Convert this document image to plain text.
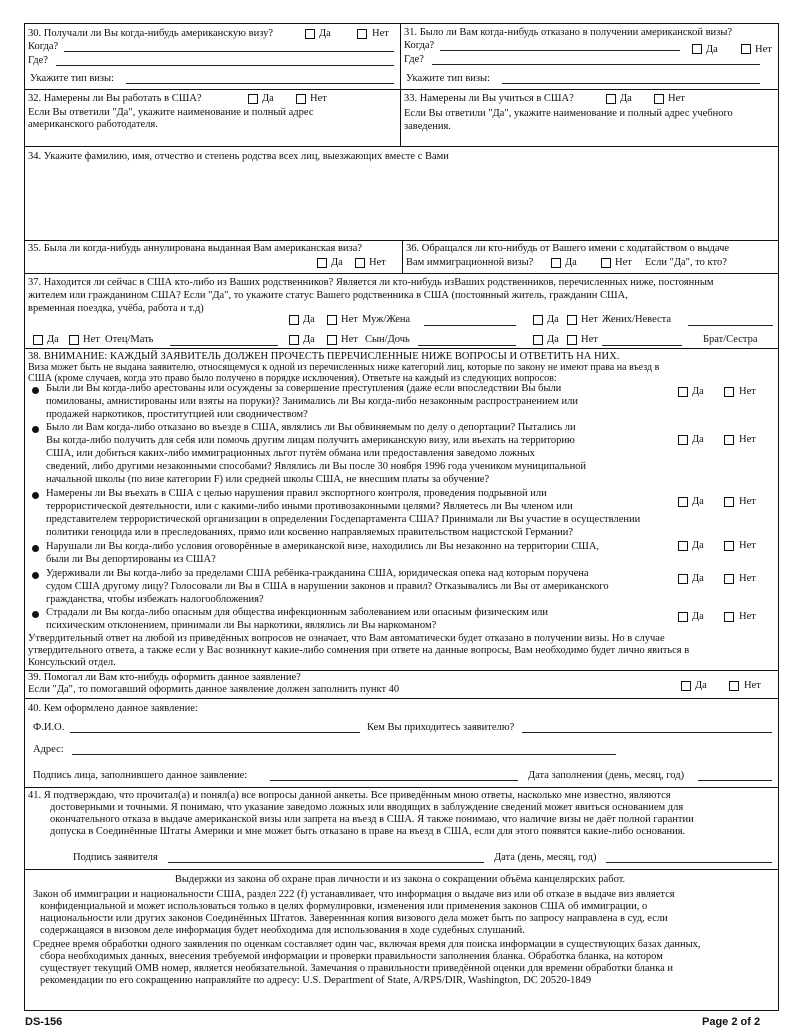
30. Получали ли Вы когда-нибудь американскую визу?	Да	Нет
Когда?
Где?
Укажите тип визы:
31. Было ли Вам когда-нибудь отказано в получении американской визы?
Когда?	Да	Нет
Где?
Укажите тип визы:
32. Намерены ли Вы работать в США?	Да	Нет
Если Вы ответили "Да", укажите наименование и полный адрес
американского работодателя.
33. Намерены ли Вы учиться в США?	Да	Нет
Если Вы ответили "Да", укажите наименование и полный адрес учебного
заведения.
34. Укажите фамилию, имя, отчество и степень родства всех лиц, выезжающих вместе с Вами
35. Была ли когда-нибудь аннулирована выданная Вам американская виза?
Да Нет
36. Обращался ли кто-нибудь от Вашего имени с ходатайством о выдаче
Вам иммиграционной визы?	Да	Нет Если "Да", то кто?
37. Находится ли сейчас в США кто-либо из Ваших родственников? Является ли кто-нибудь изВаших родственников, перечисленных ниже, постоянным
жителем или гражданином США? Если "Да", то укажите статус Вашего родственника в США (постоянный житель, гражданин США,
временная поездка, учёба, работа и т.д)
Да Нет Муж/Жена	Да Нет Жених/Невеста
Да Нет Отец/Мать	Да Нет Сын/Дочь	Да Нет	Брат/Сестра
38. ВНИМАНИЕ: КАЖДЫЙ ЗАЯВИТЕЛЬ ДОЛЖЕН ПРОЧЕСТЬ ПЕРЕЧИСЛЕННЫЕ НИЖЕ ВОПРОСЫ И ОТВЕТИТЬ НА НИХ.
Виза может быть не выдана заявителю, относящемуся к одной из перечисленных ниже категорий лиц, которые по закону не имеют права на въезд в
США (кроме случаев, когда это право было получено в порядке исключения). Ответьте на каждый из следующих вопросов:
Были ли Вы когда-либо арестованы или осуждены за совершение преступления (даже если впоследствии Вы были
помилованы, амнистированы или взяты на поруки)? Занимались ли Вы когда-либо незаконным распространением или
продажей наркотиков, проститутцией или сводничеством?
Да	Нет
Было ли Вам когда-либо отказано во въезде в США, являлись ли Вы обвиняемым по делу о депортации? Пытались ли
Вы когда-либо получить для себя или помочь другим лицам получить американскую визу, или въехать на территорию
США, или добиться каких-либо иммиграционных льгот путём обмана или предоставления заведомо ложных
сведений, либо другими незаконными способами? Являлись ли Вы после 30 ноября 1996 года учеником муниципальной
начальной школы (по визе категории F) или средней школы США, не внесшим платы за обучение?
Да	Нет
Намерены ли Вы въехать в США с целью нарушения правил экспортного контроля, проведения подрывной или
террористической деятельности, или с какими-либо иными противозаконными целями? Являетесь ли Вы членом или
представителем террористической организации в определении Госдепартамента США? Принимали ли Вы участие в осуществлении
политики геноцида или в преследованиях, прямо или косвенно направляемых правительством нацистской Германии?
Да	Нет
Нарушали ли Вы когда-либо условия оговорённые в американской визе, находились ли Вы незаконно на территории США,
были ли Вы депортированы из США?
Да	Нет
Удерживали ли Вы когда-либо за пределами США ребёнка-гражданина США, юридическая опека над которым поручена
судом США другому лицу? Голосовали ли Вы в США в нарушении законов и правил? Отказывались ли Вы от американского
гражданства, чтобы избежать налогообложения?
Да	Нет
Страдали ли Вы когда-либо опасным для общества инфекционным заболеванием или опасным физическим или
психическим отклонением, принимали ли Вы наркотики, являлись ли Вы наркоманом?
Да	Нет
Утвердительный ответ на любой из приведённых вопросов не означает, что Вам автоматически будет отказано в получении визы. Но в случае
утвердительного ответа, а также если у Вас возникнут какие-либо сомнения при ответе на данные вопросы, Вам необходимо будет лично явиться в
Консульский отдел.
39. Помогал ли Вам кто-нибудь оформить данное заявление?
Если "Да", то помогавший оформить данное заявление должен заполнить пункт 40	Да	Нет
40. Кем оформлено данное заявление:
Ф.И.О.	Кем Вы приходитесь заявителю?
Адрес:
Подпись лица, заполнившего данное заявление:	Дата заполнения (день, месяц, год)
41. Я подтверждаю, что прочитал(а) и понял(а) все вопросы данной анкеты. Все приведённым мною ответы, насколько мне известно, являются
достоверными и точными. Я понимаю, что указание заведомо ложных или вводящих в заблуждение сведений может явиться основанием для
окончательного отказа в выдаче американской визы или запрета на въезд в США. Я также понимаю, что наличие визы не даёт полной гарантии
допуска в Соединённые Штаты Америки и мне может быть отказано в праве на въезд в США, если для этого появятся какие-либо основания.
Подпись заявителя	Дата (день, месяц, год)
Выдержки из закона об охране прав личности и из закона о сокращении объёма канцелярских работ.
Закон об иммиграции и национальности США, раздел 222 (f) устанавливает, что информация о выдаче виз или об отказе в выдаче виз является
конфиденциальной и может использоваться только в целях формулировки, изменения или применения законов США об иммиграции, о
национальности или других законов Соединённых Штатов. Завереннная копия визового дела может быть по запросу направлена в суд, если
содержащаяся в визовом деле информация будет необходима для использования в ходе судебных слушаний.
Среднее время обработки одного заявления по оценкам составляет один час, включая время для поиска информации в существующих базах данных,
сбора необходимых данных, внесения требуемой информации и проверки правильности заполнения бланка. Обработка бланка, на котором
существует текущий OMB номер, является необязательной. Замечания о правильности приведённой оценки для времени обработки бланка и
рекомендации по его сокращению направляйте по адресу: U.S. Department of State, A/RPS/DIR, Washington, DC 20520-1849
DS-156	Page 2 of 2
